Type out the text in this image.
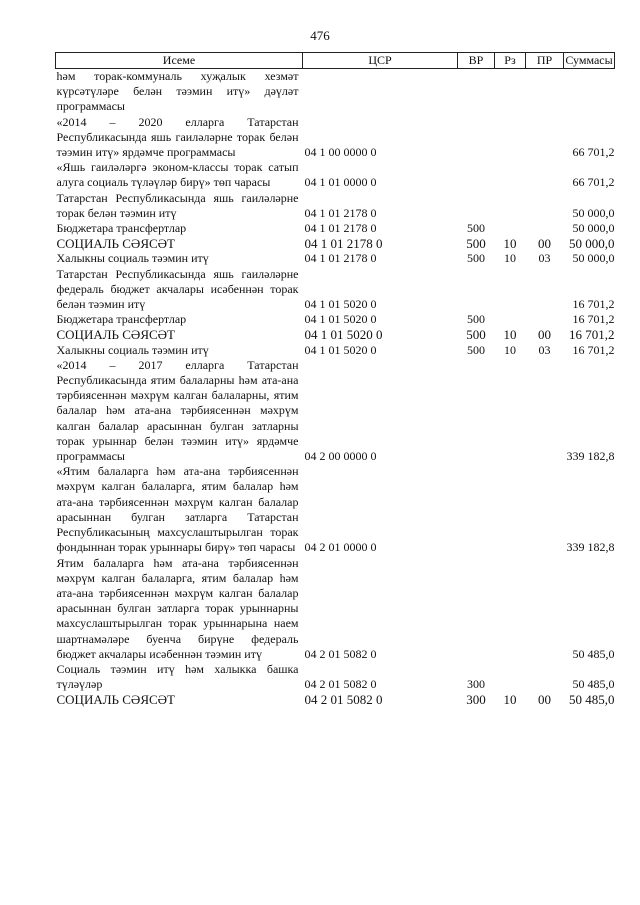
476
Исеме	ЦСР	ВР	Рз	ПР	Суммасы
һәм торак-коммуналь хуҗалык хезмәт күрсәтүләре белән тәэмин итү» дәүләт программасы					
«2014 – 2020 елларга Татарстан Республикасында яшь гаиләләрне торак белән тәэмин итү» ярдәмче программасы	04 1 00 0000 0				66 701,2
«Яшь гаиләләргә эконом-классы торак сатып алуга социаль түләүләр бирү» төп чарасы	04 1 01 0000 0				66 701,2
Татарстан Республикасында яшь гаиләләрне торак белән тәэмин итү	04 1 01 2178 0				50 000,0
Бюджетара трансфертлар	04 1 01 2178 0	500			50 000,0
СОЦИАЛЬ СӘЯСӘТ	04 1 01 2178 0	500	10	00	50 000,0
Халыкны социаль тәэмин итү	04 1 01 2178 0	500	10	03	50 000,0
Татарстан Республикасында яшь гаиләләрне федераль бюджет акчалары исәбеннән торак белән тәэмин итү	04 1 01 5020 0				16 701,2
Бюджетара трансфертлар	04 1 01 5020 0	500			16 701,2
СОЦИАЛЬ СӘЯСӘТ	04 1 01 5020 0	500	10	00	16 701,2
Халыкны социаль тәэмин итү	04 1 01 5020 0	500	10	03	16 701,2
«2014 – 2017 елларга Татарстан Республикасында ятим балаларны һәм ата-ана тәрбиясеннән мәхрүм калган балаларны, ятим балалар һәм ата-ана тәрбиясеннән мәхрүм калган балалар арасыннан булган затларны торак урыннар белән тәэмин итү» ярдәмче программасы	04 2 00 0000 0				339 182,8
«Ятим балаларга һәм ата-ана тәрбиясеннән мәхрүм калган балаларга, ятим балалар һәм ата-ана тәрбиясеннән мәхрүм калган балалар арасыннан булган затларга Татарстан Республикасының махсуслаштырылган торак фондыннан торак урыннары бирү» төп чарасы	04 2 01 0000 0				339 182,8
Ятим балаларга һәм ата-ана тәрбиясеннән мәхрүм калган балаларга, ятим балалар һәм ата-ана тәрбиясеннән мәхрүм калган балалар арасыннан булган затларга торак урыннарны махсуслаштырылган торак урыннарына наем шартнамәләре буенча бирүне федераль бюджет акчалары исәбеннән тәэмин итү	04 2 01 5082 0				50 485,0
Социаль тәэмин итү һәм халыкка башка түләүләр	04 2 01 5082 0	300			50 485,0
СОЦИАЛЬ СӘЯСӘТ	04 2 01 5082 0	300	10	00	50 485,0
